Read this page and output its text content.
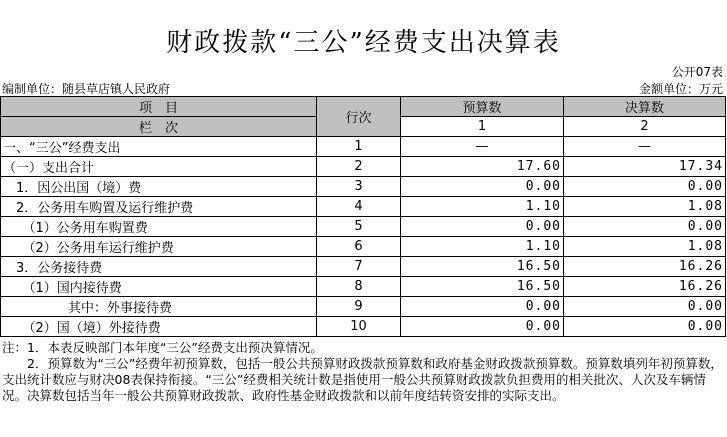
财政拨款“三公”经费支出决算表
公开07表
编制单位：随县草店镇人民政府	金额单位：万元
项　目	行次	预算数	决算数
栏　次		1	2
一、“三公”经费支出	1	—	—
（一）支出合计	2	17.60	17.34
　1．因公出国（境）费	3	0.00	0.00
　2．公务用车购置及运行维护费	4	1.10	1.08
　　（1）公务用车购置费	5	0.00	0.00
　　（2）公务用车运行维护费	6	1.10	1.08
　3．公务接待费	7	16.50	16.26
　　（1）国内接待费	8	16.50	16.26
　　　　　其中：外事接待费	9	0.00	0.00
　　（2）国（境）外接待费	10	0.00	0.00

注：1．本表反映部门本年度“三公”经费支出预决算情况。

2．预算数为“三公”经费年初预算数，包括一般公共预算财政拨款预算数和政府基金财政拨款预算数。预算数填列年初预算数，支出统计数应与财决08表保持衔接。“三公”经费相关统计数是指使用一般公共预算财政拨款负担费用的相关批次、人次及车辆情况。决算数包括当年一般公共预算财政拨款、政府性基金财政拨款和以前年度结转资安排的实际支出。
